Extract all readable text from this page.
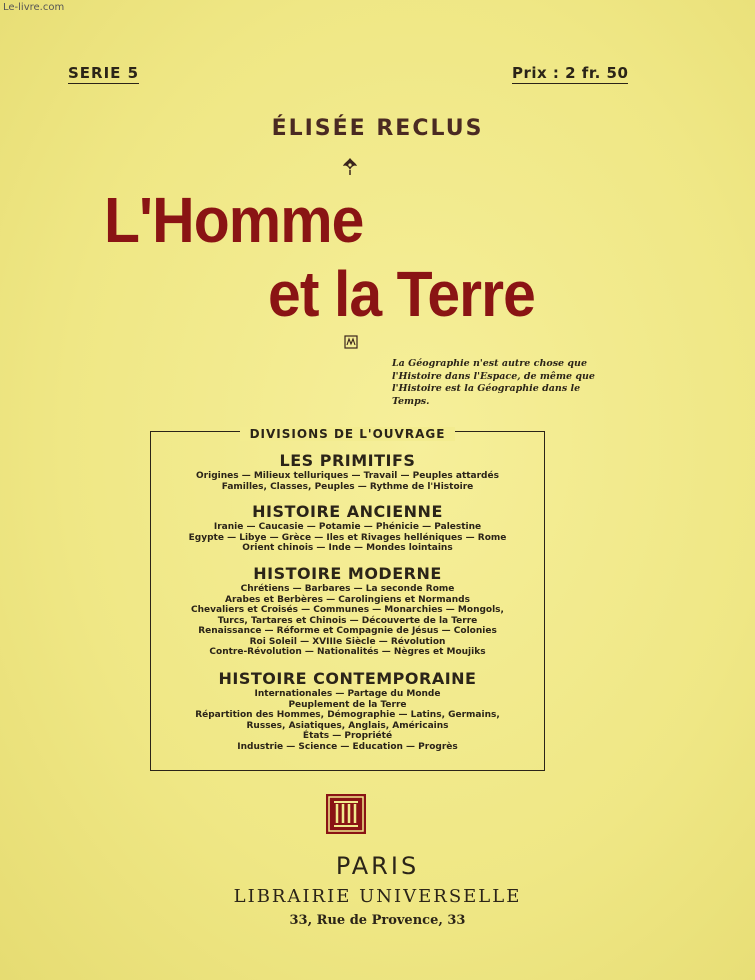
Le-livre.com
SERIE 5	Prix : 2 fr. 50
ÉLISÉE RECLUS
L'Homme
et la Terre
La Géographie n'est autre chose que l'Histoire dans l'Espace, de même que l'Histoire est la Géographie dans le Temps.
DIVISIONS DE L'OUVRAGE
LES PRIMITIFS
Origines — Milieux telluriques — Travail — Peuples attardés
Familles, Classes, Peuples — Rythme de l'Histoire
HISTOIRE ANCIENNE
Iranie — Caucasie — Potamie — Phénicie — Palestine
Egypte — Libye — Grèce — Iles et Rivages helléniques — Rome
Orient chinois — Inde — Mondes lointains
HISTOIRE MODERNE
Chrétiens — Barbares — La seconde Rome
Arabes et Berbères — Carolingiens et Normands
Chevaliers et Croisés — Communes — Monarchies — Mongols,
Turcs, Tartares et Chinois — Découverte de la Terre
Renaissance — Réforme et Compagnie de Jésus — Colonies
Roi Soleil — XVIIIe Siècle — Révolution
Contre-Révolution — Nationalités — Nègres et Moujiks
HISTOIRE CONTEMPORAINE
Internationales — Partage du Monde
Peuplement de la Terre
Répartition des Hommes, Démographie — Latins, Germains,
Russes, Asiatiques, Anglais, Américains
États — Propriété
Industrie — Science — Education — Progrès
PARIS
LIBRAIRIE UNIVERSELLE
33, Rue de Provence, 33
